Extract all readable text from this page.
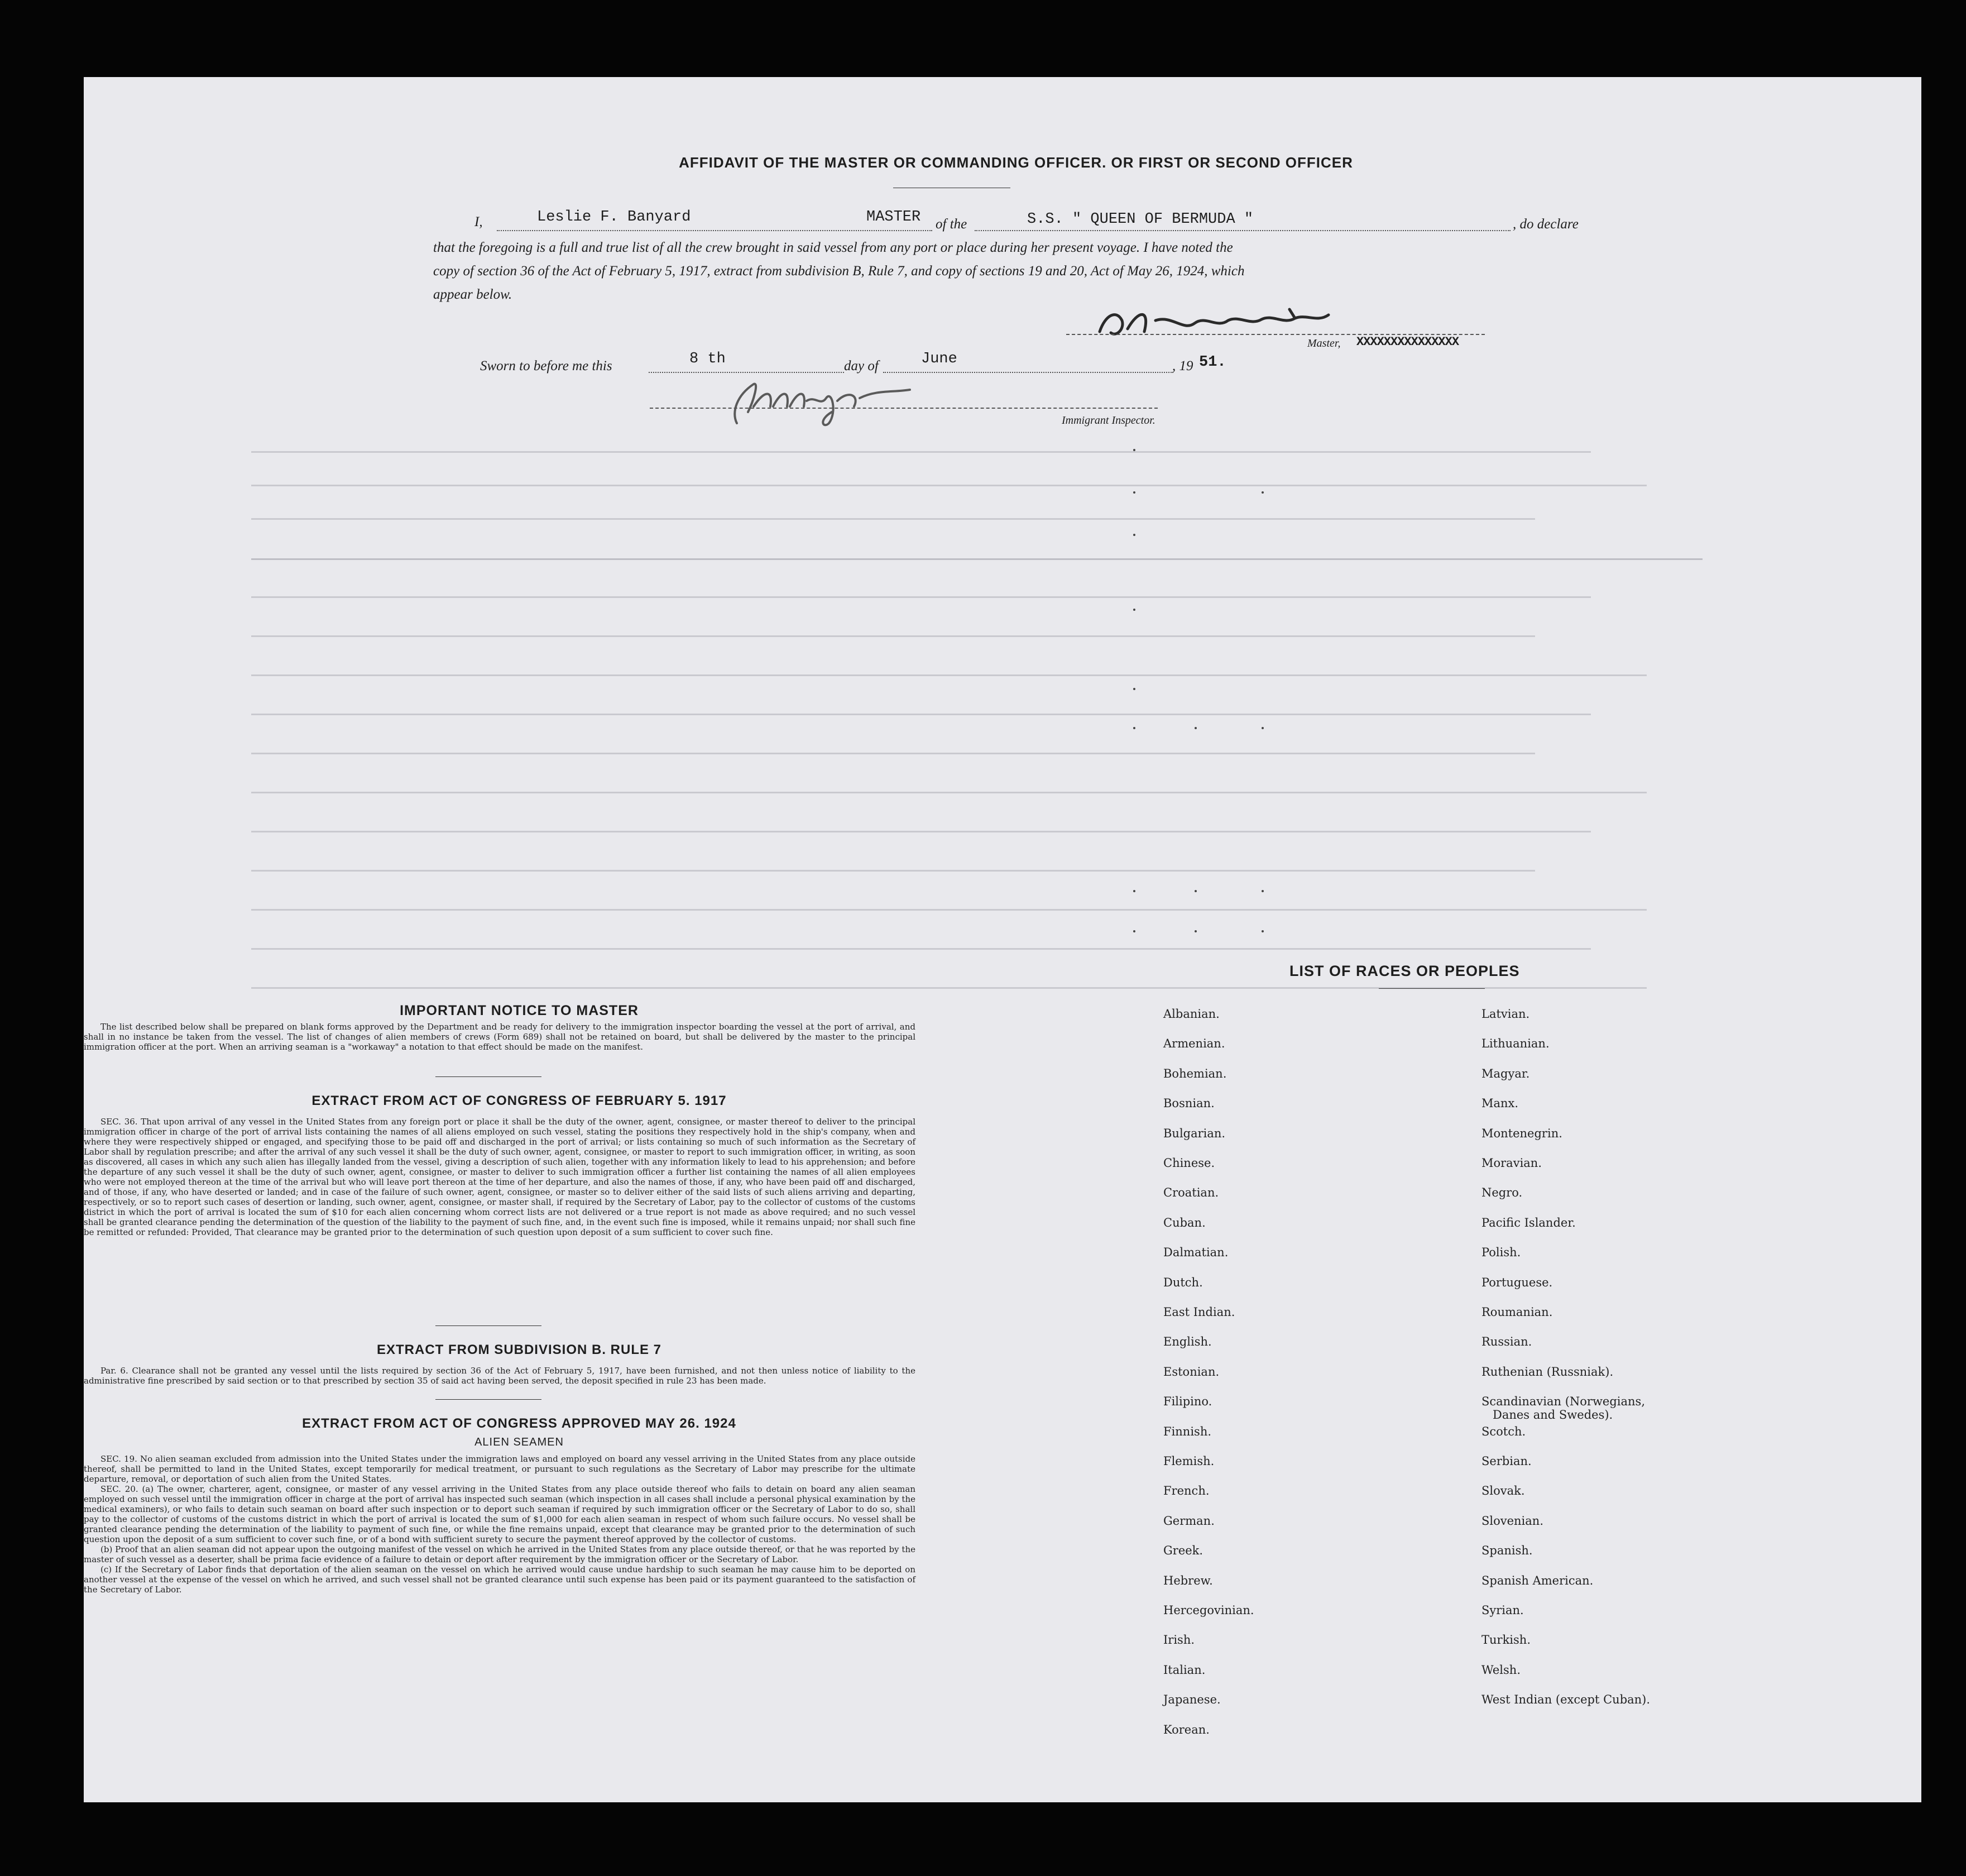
AFFIDAVIT OF THE MASTER OR COMMANDING OFFICER. OR FIRST OR SECOND OFFICER
I,	Leslie F. Banyard	MASTER of the	S.S. " QUEEN OF BERMUDA "	, do declare
that the foregoing is a full and true list of all the crew brought in said vessel from any port or place during her present voyage. I have noted the
copy of section 36 of the Act of February 5, 1917, extract from subdivision B, Rule 7, and copy of sections 19 and 20, Act of May 26, 1924, which
appear below.
Master, XXXXXXXXXXXXXXX
Sworn to before me this	8 th	day of	June	, 19 51.
Immigrant Inspector.
IMPORTANT NOTICE TO MASTER

The list described below shall be prepared on blank forms approved by the Department and be ready for delivery to the immigration inspector boarding the vessel at the port of arrival, and shall in no instance be taken from the vessel. The list of changes of alien members of crews (Form 689) shall not be retained on board, but shall be delivered by the master to the principal immigration officer at the port. When an arriving seaman is a "workaway" a notation to that effect should be made on the manifest.

EXTRACT FROM ACT OF CONGRESS OF FEBRUARY 5. 1917

SEC. 36. That upon arrival of any vessel in the United States from any foreign port or place it shall be the duty of the owner, agent, consignee, or master thereof to deliver to the principal immigration officer in charge of the port of arrival lists containing the names of all aliens employed on such vessel, stating the positions they respectively hold in the ship's company, when and where they were respectively shipped or engaged, and specifying those to be paid off and discharged in the port of arrival; or lists containing so much of such information as the Secretary of Labor shall by regulation prescribe; and after the arrival of any such vessel it shall be the duty of such owner, agent, consignee, or master to report to such immigration officer, in writing, as soon as discovered, all cases in which any such alien has illegally landed from the vessel, giving a description of such alien, together with any information likely to lead to his apprehension; and before the departure of any such vessel it shall be the duty of such owner, agent, consignee, or master to deliver to such immigration officer a further list containing the names of all alien employees who were not employed thereon at the time of the arrival but who will leave port thereon at the time of her departure, and also the names of those, if any, who have been paid off and discharged, and of those, if any, who have deserted or landed; and in case of the failure of such owner, agent, consignee, or master so to deliver either of the said lists of such aliens arriving and departing, respectively, or so to report such cases of desertion or landing, such owner, agent, consignee, or master shall, if required by the Secretary of Labor, pay to the collector of customs of the customs district in which the port of arrival is located the sum of $10 for each alien concerning whom correct lists are not delivered or a true report is not made as above required; and no such vessel shall be granted clearance pending the determination of the question of the liability to the payment of such fine, and, in the event such fine is imposed, while it remains unpaid; nor shall such fine be remitted or refunded: Provided, That clearance may be granted prior to the determination of such question upon deposit of a sum sufficient to cover such fine.

EXTRACT FROM SUBDIVISION B. RULE 7

Par. 6. Clearance shall not be granted any vessel until the lists required by section 36 of the Act of February 5, 1917, have been furnished, and not then unless notice of liability to the administrative fine prescribed by said section or to that prescribed by section 35 of said act having been served, the deposit specified in rule 23 has been made.

EXTRACT FROM ACT OF CONGRESS APPROVED MAY 26. 1924
ALIEN SEAMEN

SEC. 19. No alien seaman excluded from admission into the United States under the immigration laws and employed on board any vessel arriving in the United States from any place outside thereof, shall be permitted to land in the United States, except temporarily for medical treatment, or pursuant to such regulations as the Secretary of Labor may prescribe for the ultimate departure, removal, or deportation of such alien from the United States.

SEC. 20. (a) The owner, charterer, agent, consignee, or master of any vessel arriving in the United States from any place outside thereof who fails to detain on board any alien seaman employed on such vessel until the immigration officer in charge at the port of arrival has inspected such seaman (which inspection in all cases shall include a personal physical examination by the medical examiners), or who fails to detain such seaman on board after such inspection or to deport such seaman if required by such immigration officer or the Secretary of Labor to do so, shall pay to the collector of customs of the customs district in which the port of arrival is located the sum of $1,000 for each alien seaman in respect of whom such failure occurs. No vessel shall be granted clearance pending the determination of the liability to payment of such fine, or while the fine remains unpaid, except that clearance may be granted prior to the determination of such question upon the deposit of a sum sufficient to cover such fine, or of a bond with sufficient surety to secure the payment thereof approved by the collector of customs.

(b) Proof that an alien seaman did not appear upon the outgoing manifest of the vessel on which he arrived in the United States from any place outside thereof, or that he was reported by the master of such vessel as a deserter, shall be prima facie evidence of a failure to detain or deport after requirement by the immigration officer or the Secretary of Labor.

(c) If the Secretary of Labor finds that deportation of the alien seaman on the vessel on which he arrived would cause undue hardship to such seaman he may cause him to be deported on another vessel at the expense of the vessel on which he arrived, and such vessel shall not be granted clearance until such expense has been paid or its payment guaranteed to the satisfaction of the Secretary of Labor.

LIST OF RACES OR PEOPLES
Albanian.
Armenian.
Bohemian.
Bosnian.
Bulgarian.
Chinese.
Croatian.
Cuban.
Dalmatian.
Dutch.
East Indian.
English.
Estonian.
Filipino.
Finnish.
Flemish.
French.
German.
Greek.
Hebrew.
Hercegovinian.
Irish.
Italian.
Japanese.
Korean.
Latvian.
Lithuanian.
Magyar.
Manx.
Montenegrin.
Moravian.
Negro.
Pacific Islander.
Polish.
Portuguese.
Roumanian.
Russian.
Ruthenian (Russniak).
Scandinavian (Norwegians,
Danes and Swedes).
Scotch.
Serbian.
Slovak.
Slovenian.
Spanish.
Spanish American.
Syrian.
Turkish.
Welsh.
West Indian (except Cuban).
